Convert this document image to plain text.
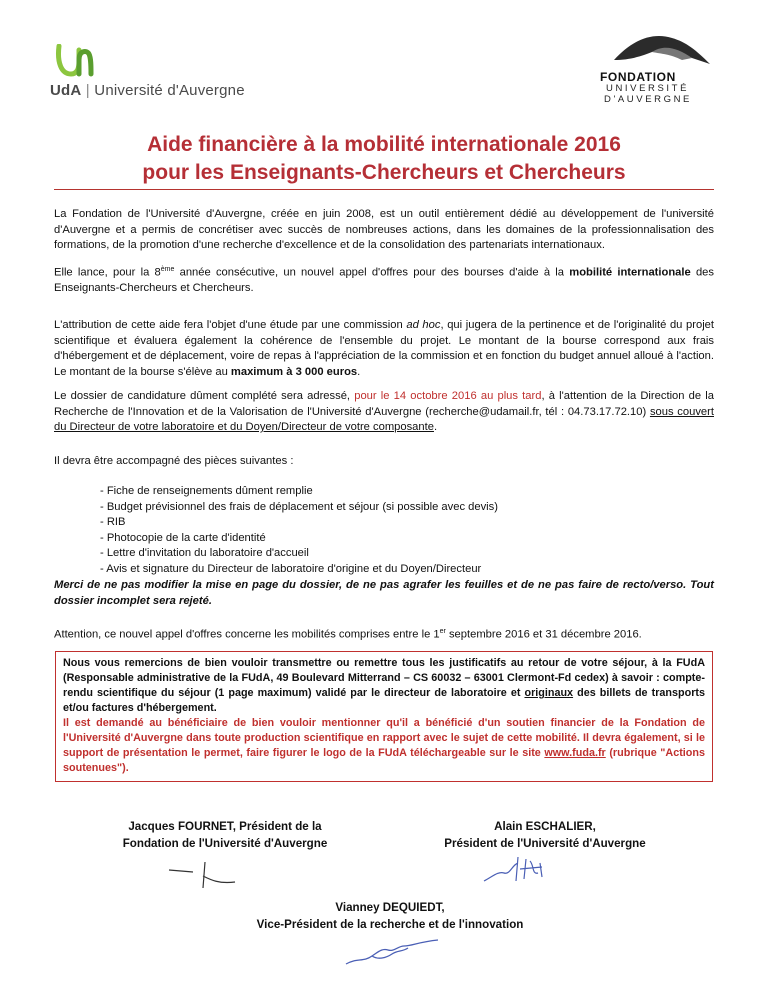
UdA | Université d'Auvergne
FONDATION
UNIVERSITÉ
D'AUVERGNE
Aide financière à la mobilité internationale 2016
pour les Enseignants-Chercheurs et Chercheurs
La Fondation de l'Université d'Auvergne, créée en juin 2008, est un outil entièrement dédié au développement de l'université d'Auvergne et a permis de concrétiser avec succès de nombreuses actions, dans les domaines de la professionnalisation des formations, de la promotion d'une recherche d'excellence et de la consolidation des partenariats internationaux.
Elle lance, pour la 8ème année consécutive, un nouvel appel d'offres pour des bourses d'aide à la mobilité internationale des Enseignants-Chercheurs et Chercheurs.
L'attribution de cette aide fera l'objet d'une étude par une commission ad hoc, qui jugera de la pertinence et de l'originalité du projet scientifique et évaluera également la cohérence de l'ensemble du projet. Le montant de la bourse correspond aux frais d'hébergement et de déplacement, voire de repas à l'appréciation de la commission et en fonction du budget annuel alloué à l'action. Le montant de la bourse s'élève au maximum à 3 000 euros.
Le dossier de candidature dûment complété sera adressé, pour le 14 octobre 2016 au plus tard, à l'attention de la Direction de la Recherche de l'Innovation et de la Valorisation de l'Université d'Auvergne (recherche@udamail.fr, tél : 04.73.17.72.10) sous couvert du Directeur de votre laboratoire et du Doyen/Directeur de votre composante.
Il devra être accompagné des pièces suivantes :
- Fiche de renseignements dûment remplie
- Budget prévisionnel des frais de déplacement et séjour (si possible avec devis)
- RIB
- Photocopie de la carte d'identité
- Lettre d'invitation du laboratoire d'accueil
- Avis et signature du Directeur de laboratoire d'origine et du Doyen/Directeur
Merci de ne pas modifier la mise en page du dossier, de ne pas agrafer les feuilles et de ne pas faire de recto/verso. Tout dossier incomplet sera rejeté.
Attention, ce nouvel appel d'offres concerne les mobilités comprises entre le 1er septembre 2016 et 31 décembre 2016.
Nous vous remercions de bien vouloir transmettre ou remettre tous les justificatifs au retour de votre séjour, à la FUdA (Responsable administrative de la FUdA, 49 Boulevard Mitterrand – CS 60032 – 63001 Clermont-Fd cedex) à savoir : compte-rendu scientifique du séjour (1 page maximum) validé par le directeur de laboratoire et originaux des billets de transports et/ou factures d'hébergement.
Il est demandé au bénéficiaire de bien vouloir mentionner qu'il a bénéficié d'un soutien financier de la Fondation de l'Université d'Auvergne dans toute production scientifique en rapport avec le sujet de cette mobilité. Il devra également, si le support de présentation le permet, faire figurer le logo de la FUdA téléchargeable sur le site www.fuda.fr (rubrique "Actions soutenues").
Jacques FOURNET, Président de la
Fondation de l'Université d'Auvergne
Alain ESCHALIER,
Président de l'Université d'Auvergne
Vianney DEQUIEDT,
Vice-Président de la recherche et de l'innovation
